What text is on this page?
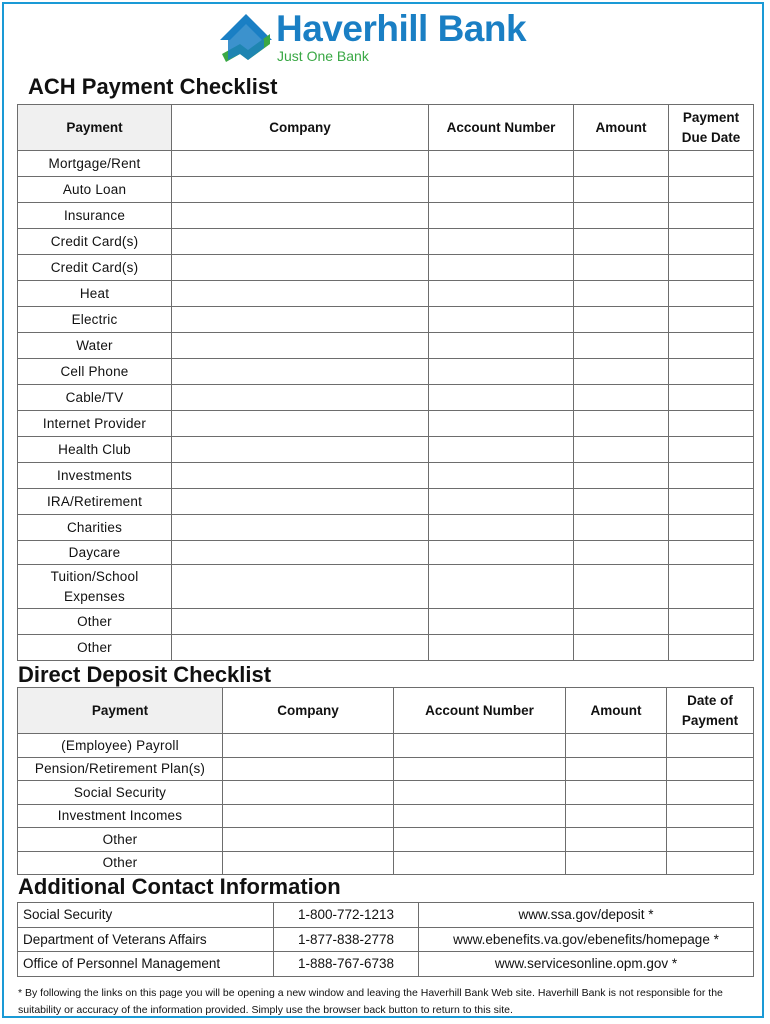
Haverhill Bank
Just One Bank
ACH Payment Checklist
Payment	Company	Account Number	Amount	Payment
Due Date
Mortgage/Rent				
Auto Loan				
Insurance				
Credit Card(s)				
Credit Card(s)				
Heat				
Electric				
Water				
Cell Phone				
Cable/TV				
Internet Provider				
Health Club				
Investments				
IRA/Retirement				
Charities				
Daycare				
Tuition/School
Expenses				
Other				
Other				
Direct Deposit Checklist
Payment	Company	Account Number	Amount	Date of
Payment
(Employee) Payroll				
Pension/Retirement Plan(s)				
Social Security				
Investment Incomes				
Other				
Other				
Additional Contact Information
Social Security	1-800-772-1213	www.ssa.gov/deposit *
Department of Veterans Affairs	1-877-838-2778	www.ebenefits.va.gov/ebenefits/homepage *
Office of Personnel Management	1-888-767-6738	www.servicesonline.opm.gov *
* By following the links on this page you will be opening a new window and leaving the Haverhill Bank Web site. Haverhill Bank is not responsible for the suitability or accuracy of the information provided. Simply use the browser back button to return to this site.
